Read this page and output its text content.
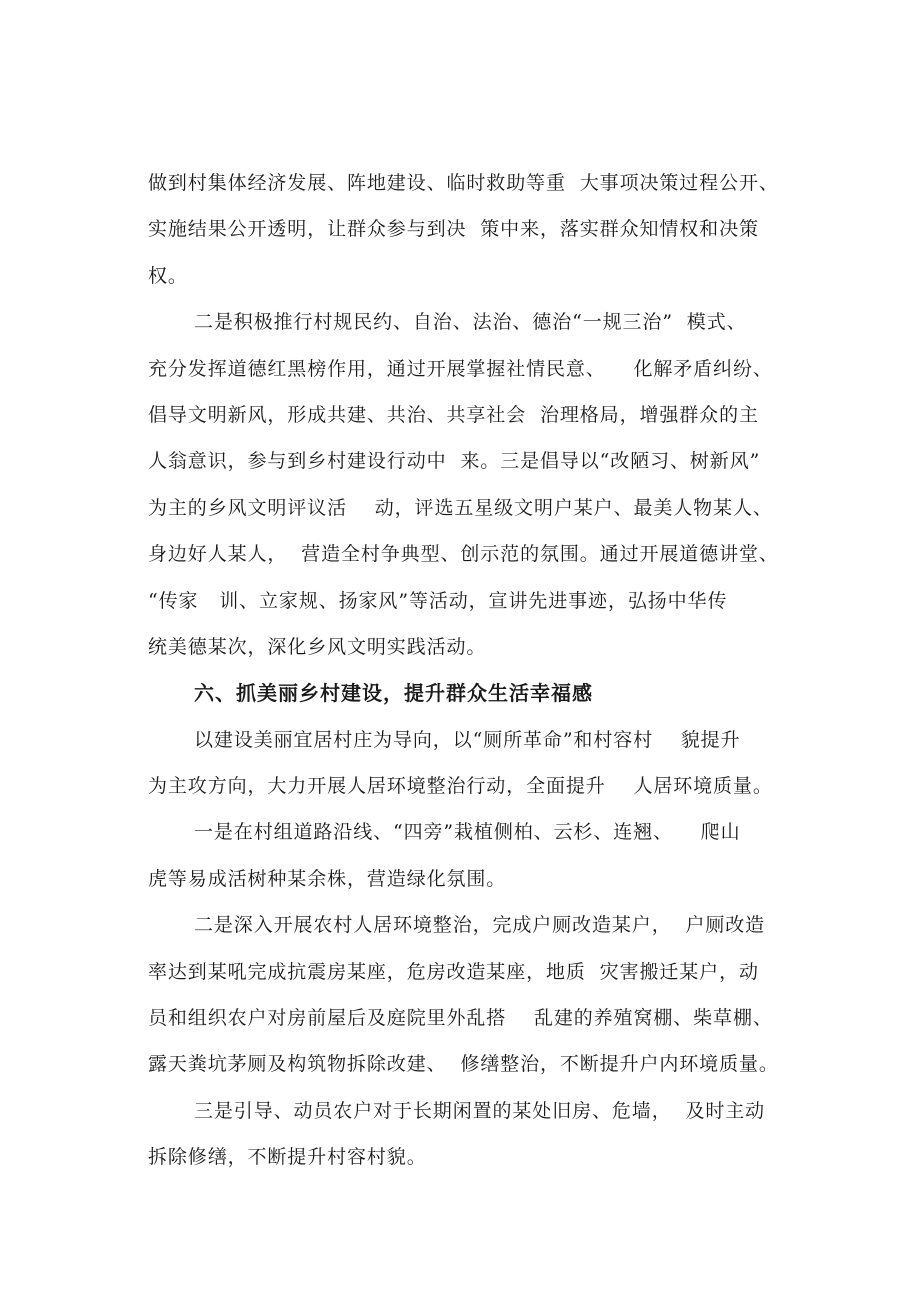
做到村集体经济发展、阵地建设、临时救助等重  大事项决策过程公开、
实施结果公开透明，让群众参与到决  策中来，落实群众知情权和决策
权。
二是积极推行村规民约、自治、法治、德治“一规三治”  模式、
充分发挥道德红黑榜作用，通过开展掌握社情民意、    化解矛盾纠纷、
倡导文明新风，形成共建、共治、共享社会  治理格局，增强群众的主
人翁意识，参与到乡村建设行动中  来。三是倡导以“改陋习、树新风”
为主的乡风文明评议活    动，评选五星级文明户某户、最美人物某人、
身边好人某人，  营造全村争典型、创示范的氛围。通过开展道德讲堂、
“传家   训、立家规、扬家风”等活动，宣讲先进事迹，弘扬中华传
统美德某次，深化乡风文明实践活动。
六、抓美丽乡村建设，提升群众生活幸福感
以建设美丽宜居村庄为导向，以“厕所革命”和村容村    貌提升
为主攻方向，大力开展人居环境整治行动，全面提升    人居环境质量。
一是在村组道路沿线、“四旁”栽植侧柏、云杉、连翘、    爬山
虎等易成活树种某余株，营造绿化氛围。
二是深入开展农村人居环境整治，完成户厕改造某户，  户厕改造
率达到某吼完成抗震房某座，危房改造某座，地质  灾害搬迁某户，动
员和组织农户对房前屋后及庭院里外乱搭    乱建的养殖窝棚、柴草棚、
露天粪坑茅厕及构筑物拆除改建、  修缮整治，不断提升户内环境质量。
三是引导、动员农户对于长期闲置的某处旧房、危墙，  及时主动
拆除修缮，不断提升村容村貌。
